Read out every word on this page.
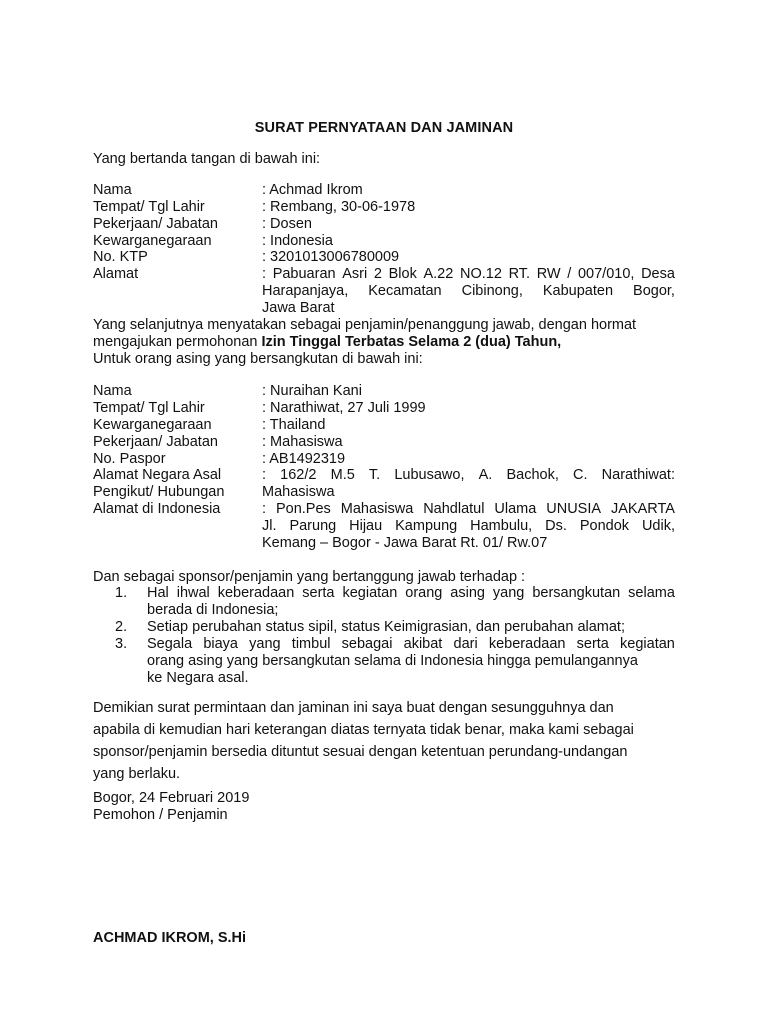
SURAT PERNYATAAN DAN JAMINAN
Yang bertanda tangan di bawah ini:
Nama	: Achmad Ikrom
Tempat/ Tgl Lahir	: Rembang, 30-06-1978
Pekerjaan/ Jabatan	: Dosen
Kewarganegaraan	: Indonesia
No. KTP	: 3201013006780009
Alamat	: Pabuaran Asri 2 Blok A.22 NO.12 RT. RW / 007/010, Desa
Harapanjaya, Kecamatan Cibinong, Kabupaten Bogor,
Jawa Barat
Yang selanjutnya menyatakan sebagai penjamin/penanggung jawab, dengan hormat
mengajukan permohonan Izin Tinggal Terbatas Selama 2 (dua) Tahun,
Untuk orang asing yang bersangkutan di bawah ini:
Nama	: Nuraihan Kani
Tempat/ Tgl Lahir	: Narathiwat, 27 Juli 1999
Kewarganegaraan	: Thailand
Pekerjaan/ Jabatan	: Mahasiswa
No. Paspor	: AB1492319
Alamat Negara Asal	: 162/2 M.5 T. Lubusawo, A. Bachok, C. Narathiwat:
Pengikut/ Hubungan	Mahasiswa
Alamat di Indonesia	: Pon.Pes Mahasiswa Nahdlatul Ulama UNUSIA JAKARTA
Jl. Parung Hijau Kampung Hambulu, Ds. Pondok Udik,
Kemang – Bogor - Jawa Barat Rt. 01/ Rw.07
Dan sebagai sponsor/penjamin yang bertanggung jawab terhadap :
1. Hal ihwal keberadaan serta kegiatan orang asing yang bersangkutan selama
berada di Indonesia;
2. Setiap perubahan status sipil, status Keimigrasian, dan perubahan alamat;
3. Segala biaya yang timbul sebagai akibat dari keberadaan serta kegiatan
orang asing yang bersangkutan selama di Indonesia hingga pemulangannya
ke Negara asal.
Demikian surat permintaan dan jaminan ini saya buat dengan sesungguhnya dan
apabila di kemudian hari keterangan diatas ternyata tidak benar, maka kami sebagai
sponsor/penjamin bersedia dituntut sesuai dengan ketentuan perundang-undangan
yang berlaku.
Bogor, 24 Februari 2019
Pemohon / Penjamin
ACHMAD IKROM, S.Hi
